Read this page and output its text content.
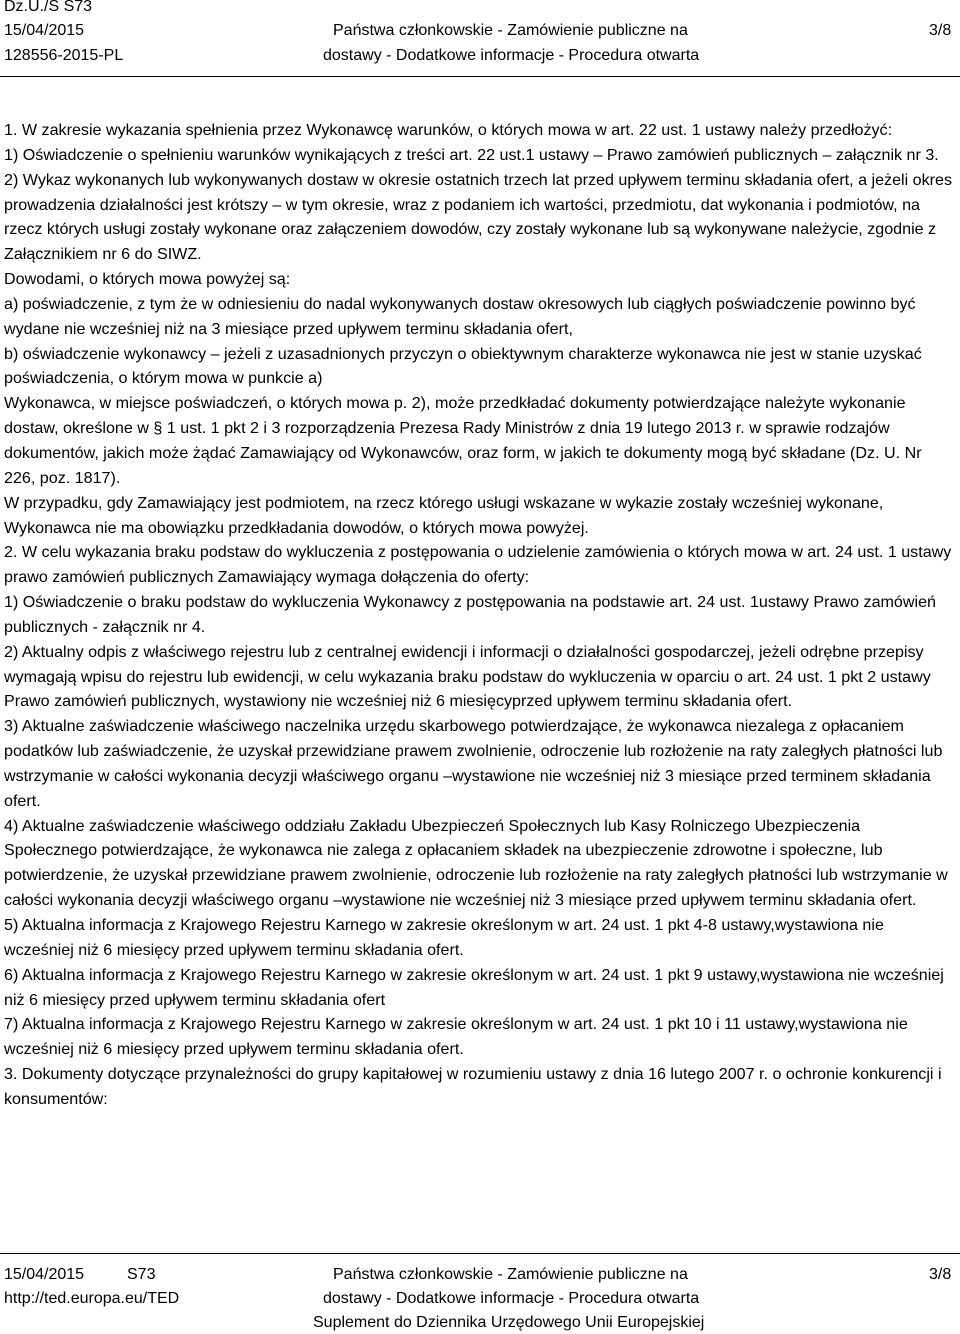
Dz.U./S S73
15/04/2015
128556-2015-PL
Państwa członkowskie - Zamówienie publiczne na
dostawy - Dodatkowe informacje - Procedura otwarta
3/8

1. W zakresie wykazania spełnienia przez Wykonawcę warunków, o których mowa w art. 22 ust. 1 ustawy należy przedłożyć:

1) Oświadczenie o spełnieniu warunków wynikających z treści art. 22 ust.1 ustawy – Prawo zamówień publicznych – załącznik nr 3.

2) Wykaz wykonanych lub wykonywanych dostaw w okresie ostatnich trzech lat przed upływem terminu składania ofert, a jeżeli okres prowadzenia działalności jest krótszy – w tym okresie, wraz z podaniem ich wartości, przedmiotu, dat wykonania i podmiotów, na rzecz których usługi zostały wykonane oraz załączeniem dowodów, czy zostały wykonane lub są wykonywane należycie, zgodnie z Załącznikiem nr 6 do SIWZ.

Dowodami, o których mowa powyżej są:

a) poświadczenie, z tym że w odniesieniu do nadal wykonywanych dostaw okresowych lub ciągłych poświadczenie powinno być wydane nie wcześniej niż na 3 miesiące przed upływem terminu składania ofert,

b) oświadczenie wykonawcy – jeżeli z uzasadnionych przyczyn o obiektywnym charakterze wykonawca nie jest w stanie uzyskać poświadczenia, o którym mowa w punkcie a)

Wykonawca, w miejsce poświadczeń, o których mowa p. 2), może przedkładać dokumenty potwierdzające należyte wykonanie dostaw, określone w § 1 ust. 1 pkt 2 i 3 rozporządzenia Prezesa Rady Ministrów z dnia 19 lutego 2013 r. w sprawie rodzajów dokumentów, jakich może żądać Zamawiający od Wykonawców, oraz form, w jakich te dokumenty mogą być składane (Dz. U. Nr 226, poz. 1817).

W przypadku, gdy Zamawiający jest podmiotem, na rzecz którego usługi wskazane w wykazie zostały wcześniej wykonane, Wykonawca nie ma obowiązku przedkładania dowodów, o których mowa powyżej.

2. W celu wykazania braku podstaw do wykluczenia z postępowania o udzielenie zamówienia o których mowa w art. 24 ust. 1 ustawy prawo zamówień publicznych Zamawiający wymaga dołączenia do oferty:

1) Oświadczenie o braku podstaw do wykluczenia Wykonawcy z postępowania na podstawie art. 24 ust. 1ustawy Prawo zamówień publicznych - załącznik nr 4.

2) Aktualny odpis z właściwego rejestru lub z centralnej ewidencji i informacji o działalności gospodarczej, jeżeli odrębne przepisy wymagają wpisu do rejestru lub ewidencji, w celu wykazania braku podstaw do wykluczenia w oparciu o art. 24 ust. 1 pkt 2 ustawy Prawo zamówień publicznych, wystawiony nie wcześniej niż 6 miesięcyprzed upływem terminu składania ofert.

3) Aktualne zaświadczenie właściwego naczelnika urzędu skarbowego potwierdzające, że wykonawca niezalega z opłacaniem podatków lub zaświadczenie, że uzyskał przewidziane prawem zwolnienie, odroczenie lub rozłożenie na raty zaległych płatności lub wstrzymanie w całości wykonania decyzji właściwego organu –wystawione nie wcześniej niż 3 miesiące przed terminem składania ofert.

4) Aktualne zaświadczenie właściwego oddziału Zakładu Ubezpieczeń Społecznych lub Kasy Rolniczego Ubezpieczenia Społecznego potwierdzające, że wykonawca nie zalega z opłacaniem składek na ubezpieczenie zdrowotne i społeczne, lub potwierdzenie, że uzyskał przewidziane prawem zwolnienie, odroczenie lub rozłożenie na raty zaległych płatności lub wstrzymanie w całości wykonania decyzji właściwego organu –wystawione nie wcześniej niż 3 miesiące przed upływem terminu składania ofert.

5) Aktualna informacja z Krajowego Rejestru Karnego w zakresie określonym w art. 24 ust. 1 pkt 4-8 ustawy,wystawiona nie wcześniej niż 6 miesięcy przed upływem terminu składania ofert.

6) Aktualna informacja z Krajowego Rejestru Karnego w zakresie określonym w art. 24 ust. 1 pkt 9 ustawy,wystawiona nie wcześniej niż 6 miesięcy przed upływem terminu składania ofert

7) Aktualna informacja z Krajowego Rejestru Karnego w zakresie określonym w art. 24 ust. 1 pkt 10 i 11 ustawy,wystawiona nie wcześniej niż 6 miesięcy przed upływem terminu składania ofert.

3. Dokumenty dotyczące przynależności do grupy kapitałowej w rozumieniu ustawy z dnia 16 lutego 2007 r. o ochronie konkurencji i konsumentów:

15/04/2015	S73
http://ted.europa.eu/TED
Państwa członkowskie - Zamówienie publiczne na
dostawy - Dodatkowe informacje - Procedura otwarta
Suplement do Dziennika Urzędowego Unii Europejskiej
3/8
